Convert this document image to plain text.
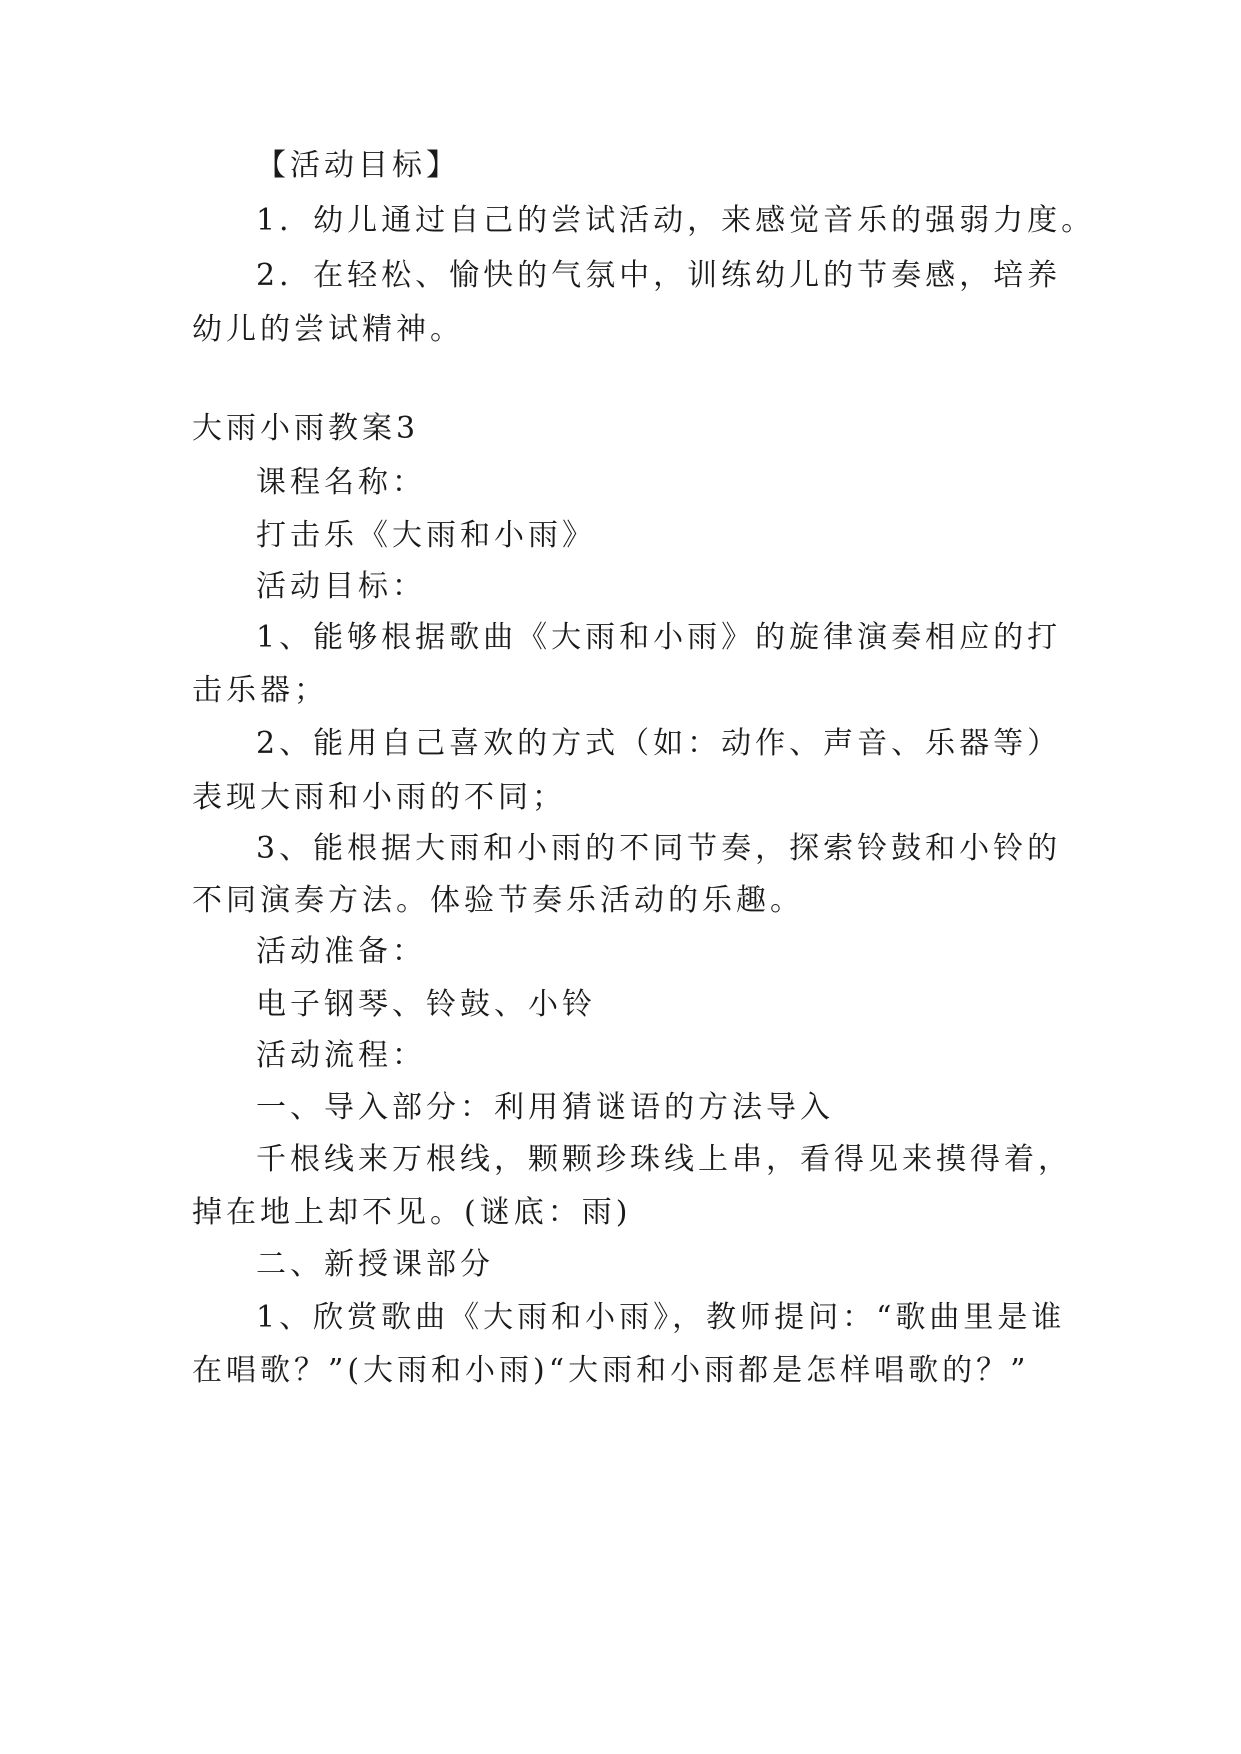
【活动目标】
1．幼儿通过自己的尝试活动，来感觉音乐的强弱力度。
2．在轻松、愉快的气氛中，训练幼儿的节奏感，培养
幼儿的尝试精神。
大雨小雨教案3
课程名称：
打击乐《大雨和小雨》
活动目标：
1、能够根据歌曲《大雨和小雨》的旋律演奏相应的打
击乐器；
2、能用自己喜欢的方式（如：动作、声音、乐器等）
表现大雨和小雨的不同；
3、能根据大雨和小雨的不同节奏，探索铃鼓和小铃的
不同演奏方法。体验节奏乐活动的乐趣。
活动准备：
电子钢琴、铃鼓、小铃
活动流程：
一、导入部分：利用猜谜语的方法导入
千根线来万根线，颗颗珍珠线上串，看得见来摸得着，
掉在地上却不见。(谜底：雨)
二、新授课部分
1、欣赏歌曲《大雨和小雨》，教师提问：“歌曲里是谁
在唱歌？”(大雨和小雨)“大雨和小雨都是怎样唱歌的？”
